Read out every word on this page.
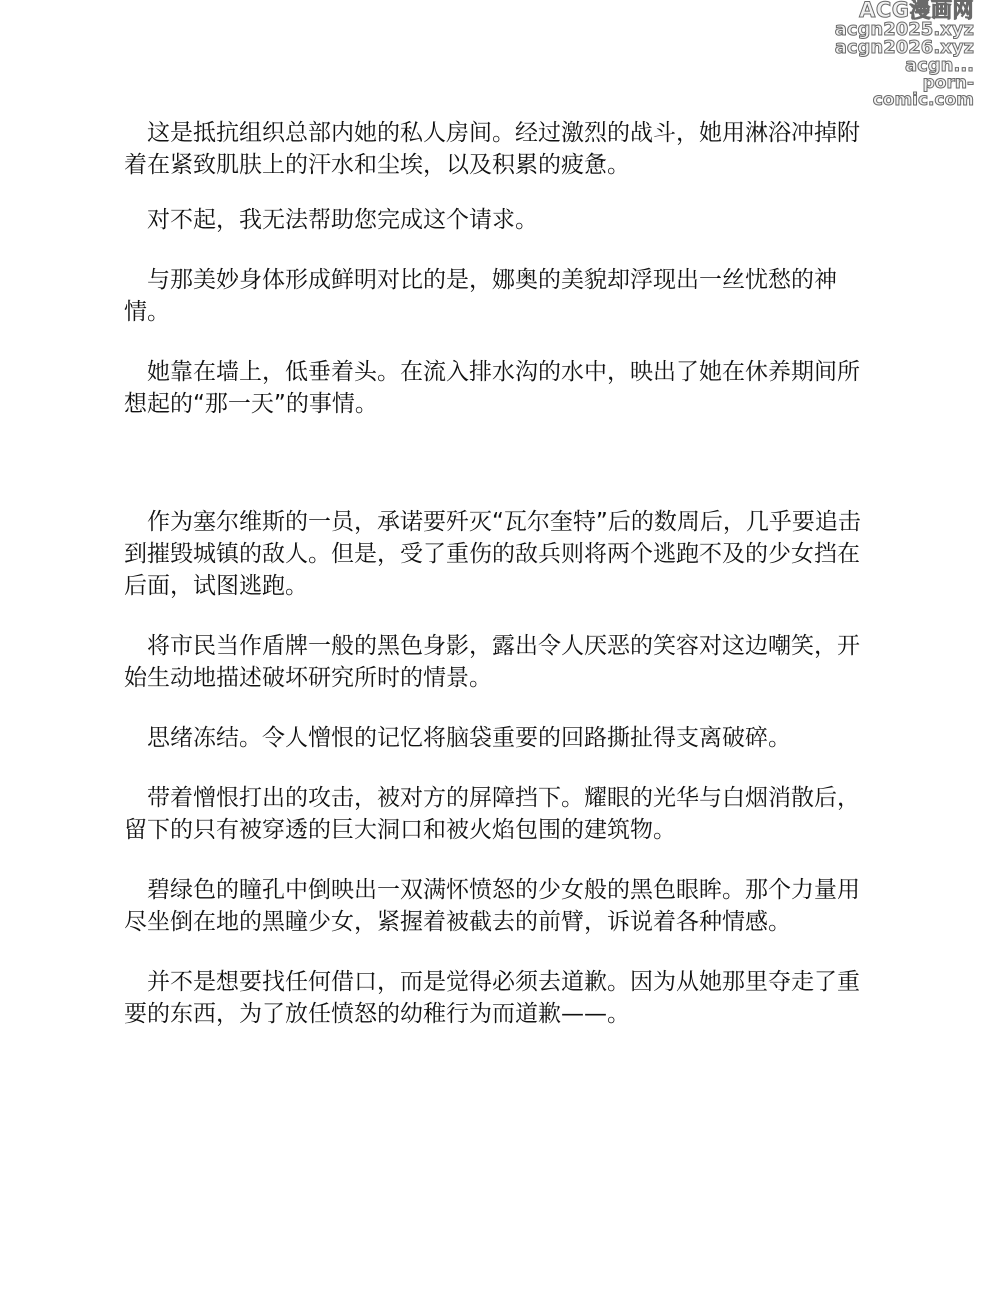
ACG漫画网
acgn2025.xyz
acgn2026.xyz
acgn...
porn-comic.com

这是抵抗组织总部内她的私人房间。经过激烈的战斗，她用淋浴冲掉附着在紧致肌肤上的汗水和尘埃，以及积累的疲惫。

对不起，我无法帮助您完成这个请求。

与那美妙身体形成鲜明对比的是，娜奥的美貌却浮现出一丝忧愁的神情。

她靠在墙上，低垂着头。在流入排水沟的水中，映出了她在休养期间所想起的“那一天”的事情。

作为塞尔维斯的一员，承诺要歼灭“瓦尔奎特”后的数周后，几乎要追击到摧毁城镇的敌人。但是，受了重伤的敌兵则将两个逃跑不及的少女挡在后面，试图逃跑。

将市民当作盾牌一般的黑色身影，露出令人厌恶的笑容对这边嘲笑，开始生动地描述破坏研究所时的情景。

思绪冻结。令人憎恨的记忆将脑袋重要的回路撕扯得支离破碎。

带着憎恨打出的攻击，被对方的屏障挡下。耀眼的光华与白烟消散后，留下的只有被穿透的巨大洞口和被火焰包围的建筑物。

碧绿色的瞳孔中倒映出一双满怀愤怒的少女般的黑色眼眸。那个力量用尽坐倒在地的黑瞳少女，紧握着被截去的前臂，诉说着各种情感。

并不是想要找任何借口，而是觉得必须去道歉。因为从她那里夺走了重要的东西，为了放任愤怒的幼稚行为而道歉——。
